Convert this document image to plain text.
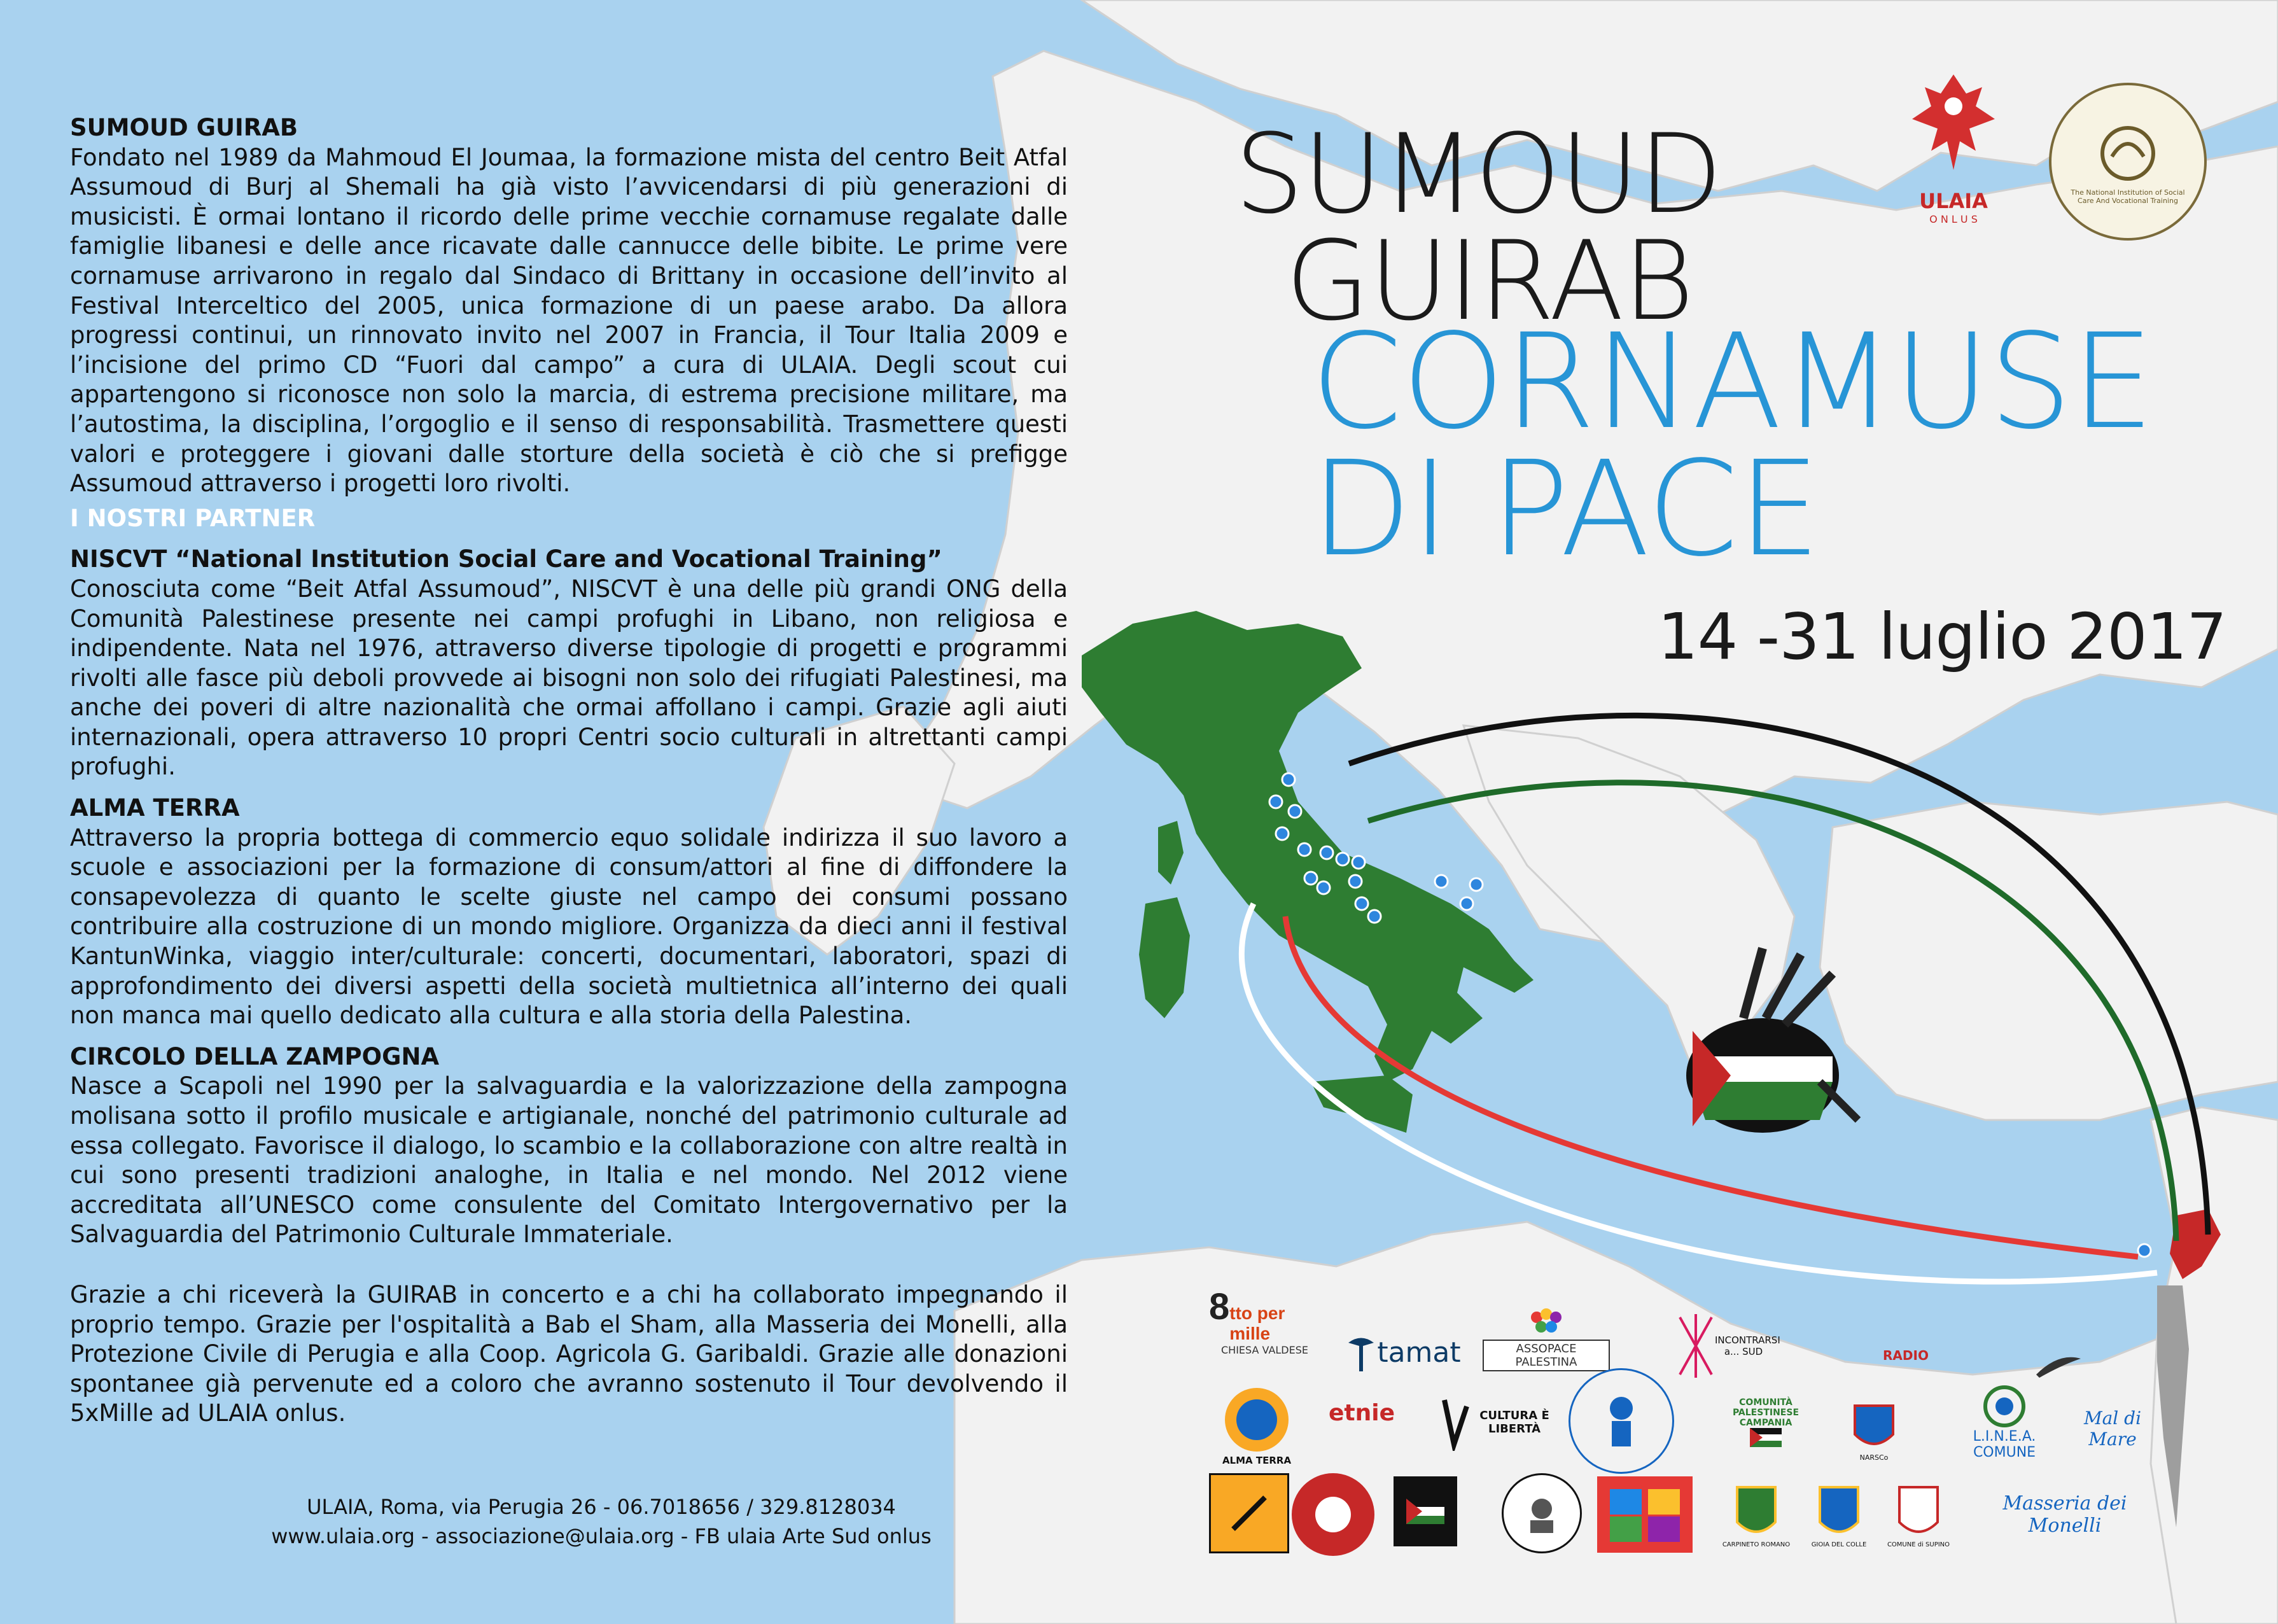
SUMOUD GUIRAB

Fondato nel 1989 da Mahmoud El Joumaa, la formazione mista del centro Beit Atfal Assumoud di Burj al Shemali ha già visto l’avvicendarsi di più generazioni di musicisti. È ormai lontano il ricordo delle prime vecchie cornamuse regalate dalle famiglie libanesi e delle ance ricavate dalle cannucce delle bibite. Le prime vere cornamuse arrivarono in regalo dal Sindaco di Brittany in occasione dell’invito al Festival Interceltico del 2005, unica formazione di un paese arabo. Da allora progressi continui, un rinnovato invito nel 2007 in Francia, il Tour Italia 2009 e l’incisione del primo CD “Fuori dal campo” a cura di ULAIA. Degli scout cui appartengono si riconosce non solo la marcia, di estrema precisione militare, ma l’autostima, la disciplina, l’orgoglio e il senso di responsabilità. Trasmettere questi valori e proteggere i giovani dalle storture della società è ciò che si prefigge Assumoud attraverso i progetti loro rivolti.

I NOSTRI PARTNER
NISCVT “National Institution Social Care and Vocational Training”

Conosciuta come “Beit Atfal Assumoud”, NISCVT è una delle più grandi ONG della Comunità Palestinese presente nei campi profughi in Libano, non religiosa e indipendente. Nata nel 1976, attraverso diverse tipologie di progetti e programmi rivolti alle fasce più deboli provvede ai bisogni non solo dei rifugiati Palestinesi, ma anche dei poveri di altre nazionalità che ormai affollano i campi. Grazie agli aiuti internazionali, opera attraverso 10 propri Centri socio culturali in altrettanti campi profughi.

ALMA TERRA

Attraverso la propria bottega di commercio equo solidale indirizza il suo lavoro a scuole e associazioni per la formazione di consum/attori al fine di diffondere la consapevolezza di quanto le scelte giuste nel campo dei consumi possano contribuire alla costruzione di un mondo migliore. Organizza da dieci anni il festival KantunWinka, viaggio inter/culturale: concerti, documentari, laboratori, spazi di approfondimento dei diversi aspetti della società multietnica all’interno dei quali non manca mai quello dedicato alla cultura e alla storia della Palestina.

CIRCOLO DELLA ZAMPOGNA

Nasce a Scapoli nel 1990 per la salvaguardia e la valorizzazione della zampogna molisana sotto il profilo musicale e artigianale, nonché del patrimonio culturale ad essa collegato. Favorisce il dialogo, lo scambio e la collaborazione con altre realtà in cui sono presenti tradizioni analoghe, in Italia e nel mondo. Nel 2012 viene accreditata all’UNESCO come consulente del Comitato Intergovernativo per la Salvaguardia del Patrimonio Culturale Immateriale.

Grazie a chi riceverà la GUIRAB in concerto e a chi ha collaborato impegnando il proprio tempo. Grazie per l'ospitalità a Bab el Sham, alla Masseria dei Monelli, alla Protezione Civile di Perugia e alla Coop. Agricola G. Garibaldi. Grazie alle donazioni spontanee già pervenute ed a coloro che avranno sostenuto il Tour devolvendo il 5xMille ad ULAIA onlus.

ULAIA, Roma, via Perugia 26 - 06.7018656 / 329.8128034
www.ulaia.org - associazione@ulaia.org - FB ulaia Arte Sud onlus
SUMOUD
GUIRAB
CORNAMUSE
DI PACE
14 -31 luglio 2017
ULAIA
O N L U S
The National Institution of Social Care And Vocational Training
8 tto per mille
CHIESA VALDESE tamat	ASSOPACE PALESTINA
INCONTRARSI a... SUD	RADIO
ALMA TERRA
etnie	CULTURA È LIBERTÀ
COMUNITÀ PALESTINESE CAMPANIA
NARSCo
L.I.N.E.A. COMUNE
Mal di Mare
CARPINETO ROMANO	GIOIA DEL COLLE	COMUNE di SUPINO
Masseria dei Monelli
